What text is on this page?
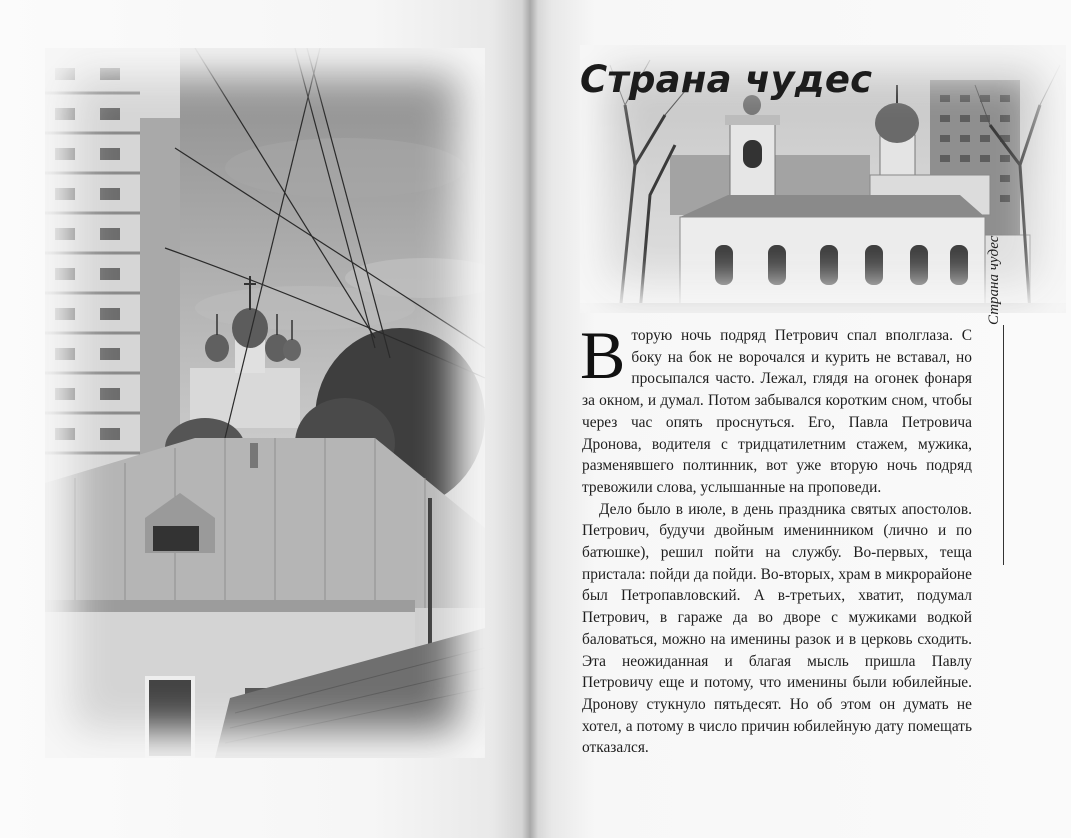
Страна чудес
Страна чудес

Вторую ночь подряд Петрович спал вполглаза. С боку на бок не ворочался и курить не вставал, но просыпался часто. Лежал, глядя на огонек фонаря за окном, и думал. Потом забывался коротким сном, чтобы через час опять проснуться. Его, Павла Петровича Дронова, водителя с тридцатилетним стажем, мужика, разменявшего полтинник, вот уже вторую ночь подряд тревожили слова, услышанные на проповеди.

Дело было в июле, в день праздника святых апостолов. Петрович, будучи двойным именинником (лично и по батюшке), решил пойти на службу. Во-первых, теща пристала: пойди да пойди. Во-вторых, храм в микрорайоне был Петропавловский. А в-третьих, хватит, подумал Петрович, в гараже да во дворе с мужиками водкой баловаться, можно на именины разок и в церковь сходить. Эта неожиданная и благая мысль пришла Павлу Петровичу еще и потому, что именины были юбилейные. Дронову стукнуло пятьдесят. Но об этом он думать не хотел, а потому в число причин юбилейную дату помещать отказался.
